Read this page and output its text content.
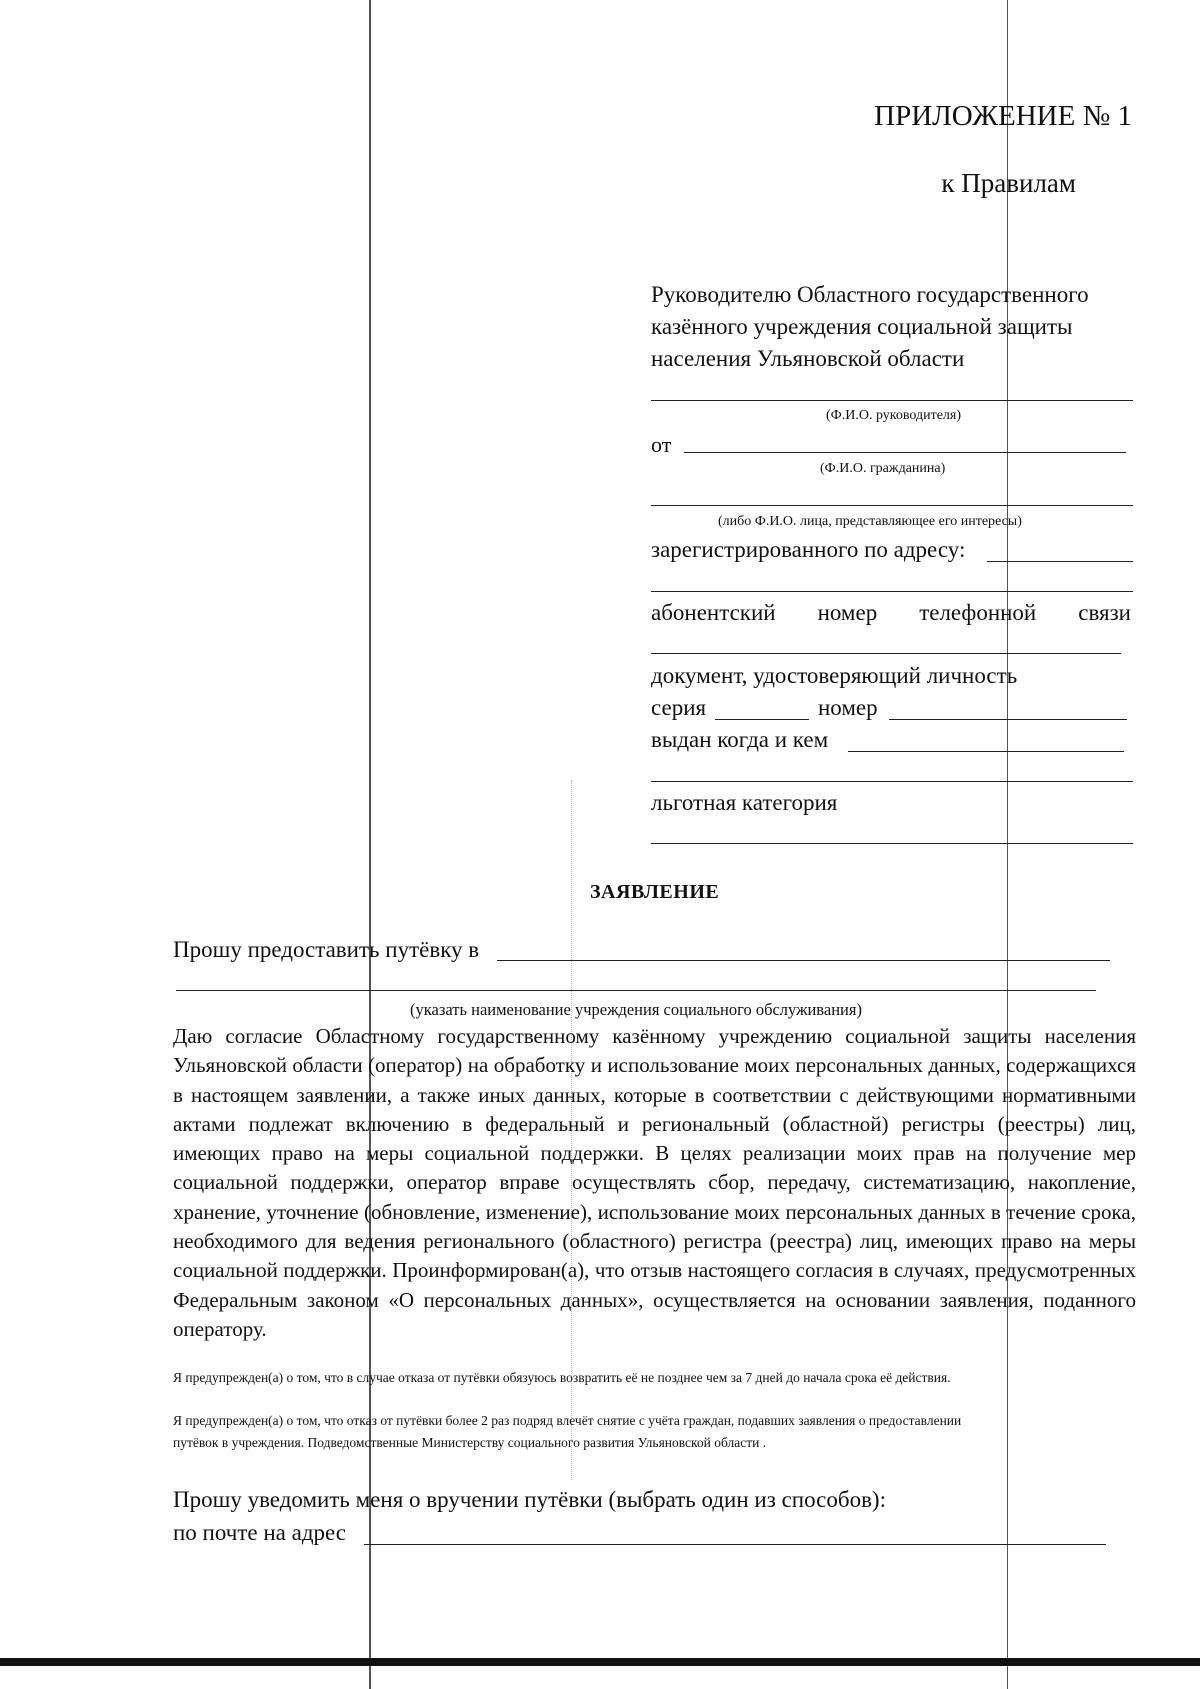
ПРИЛОЖЕНИЕ № 1
к Правилам
Руководителю Областного государственного
казённого учреждения социальной защиты
населения Ульяновской области
(Ф.И.О. руководителя)
от
(Ф.И.О. гражданина)
(либо Ф.И.О. лица, представляющее его интересы)
зарегистрированного по адресу:
абонентский номер телефонной связи
документ, удостоверяющий личность
серия	номер
выдан когда и кем
льготная категория
ЗАЯВЛЕНИЕ
Прошу предоставить путёвку в
(указать наименование учреждения социального обслуживания)

Даю согласие Областному государственному казённому учреждению социальной защиты населения Ульяновской области (оператор) на обработку и использование моих персональных данных, содержащихся в настоящем заявлении, а также иных данных, которые в соответствии с действующими нормативными актами подлежат включению в федеральный и региональный (областной) регистры (реестры) лиц, имеющих право на меры социальной поддержки. В целях реализации моих прав на получение мер социальной поддержки, оператор вправе осуществлять сбор, передачу, систематизацию, накопление, хранение, уточнение (обновление, изменение), использование моих персональных данных в течение срока, необходимого для ведения регионального (областного) регистра (реестра) лиц, имеющих право на меры социальной поддержки. Проинформирован(а), что отзыв настоящего согласия в случаях, предусмотренных Федеральным законом «О персональных данных», осуществляется на основании заявления, поданного оператору.

Я предупрежден(а) о том, что в случае отказа от путёвки обязуюсь возвратить её не позднее чем за 7 дней до начала срока её действия.
Я предупрежден(а) о том, что отказ от путёвки более 2 раз подряд влечёт снятие с учёта граждан, подавших заявления о предоставлении
путёвок в учреждения. Подведомственные Министерству социального развития Ульяновской области .
Прошу уведомить меня о вручении путёвки (выбрать один из способов):
по почте на адрес
